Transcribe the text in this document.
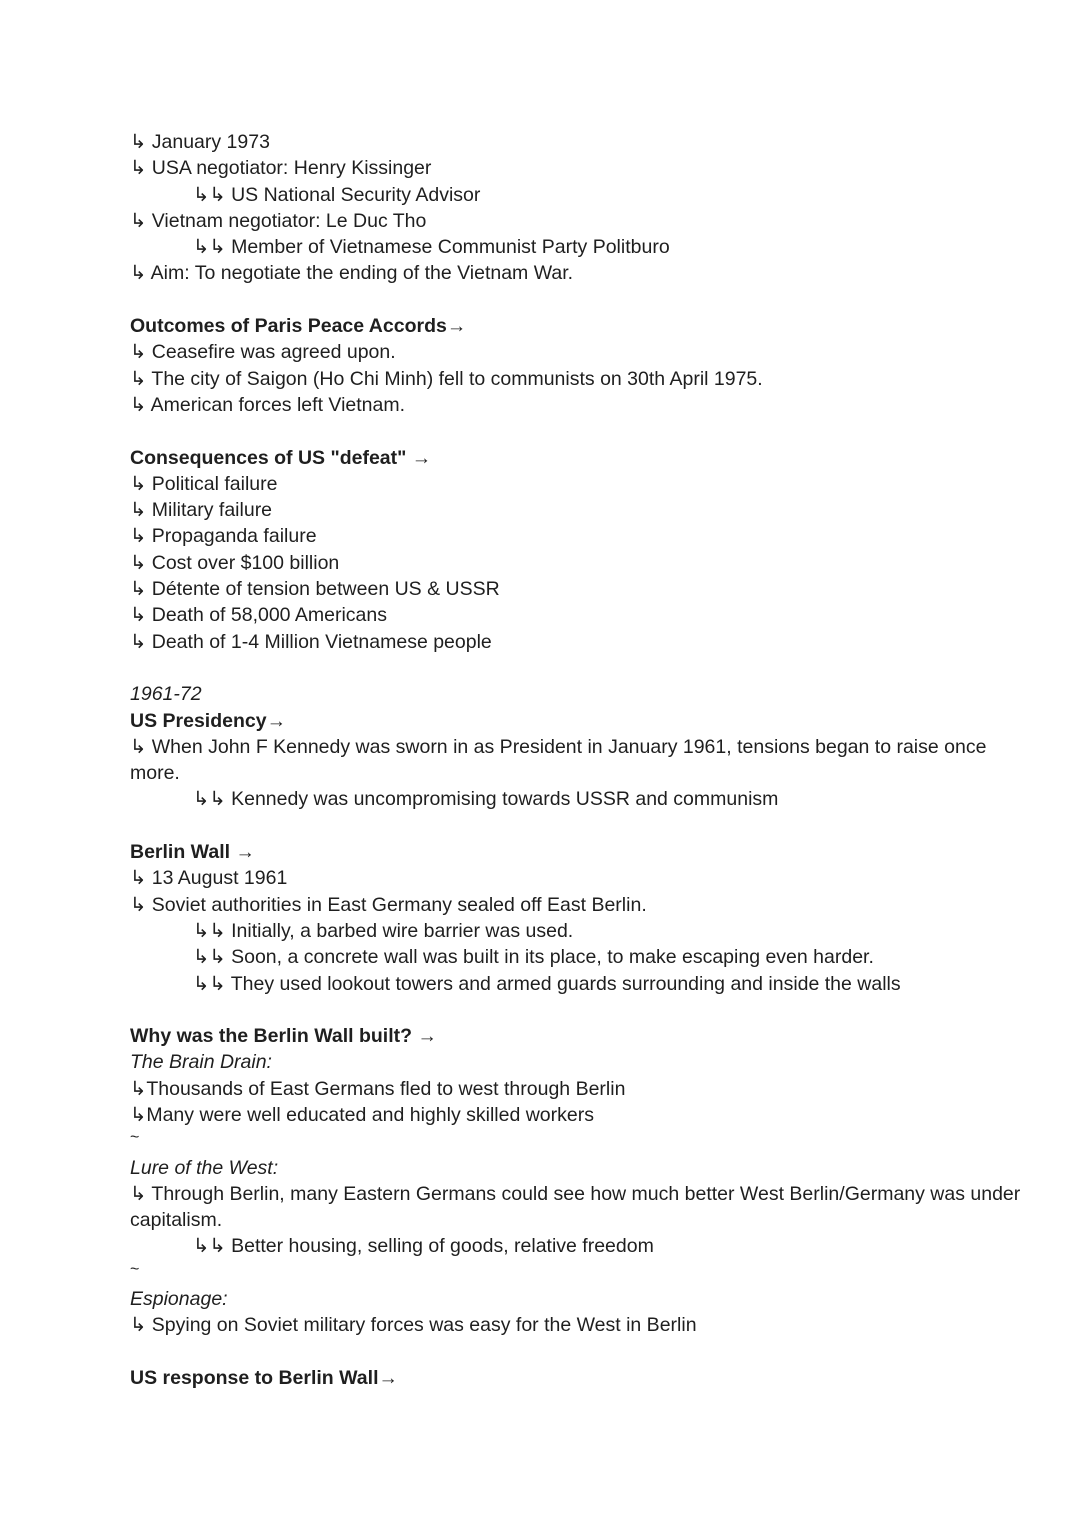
↳ January 1973
↳ USA negotiator: Henry Kissinger
↳↳ US National Security Advisor
↳ Vietnam negotiator: Le Duc Tho
↳↳ Member of Vietnamese Communist Party Politburo
↳ Aim: To negotiate the ending of the Vietnam War.
Outcomes of Paris Peace Accords→
↳ Ceasefire was agreed upon.
↳ The city of Saigon (Ho Chi Minh) fell to communists on 30th April 1975.
↳ American forces left Vietnam.
Consequences of US "defeat" →
↳ Political failure
↳ Military failure
↳ Propaganda failure
↳ Cost over $100 billion
↳ Détente of tension between US & USSR
↳ Death of 58,000 Americans
↳ Death of 1-4 Million Vietnamese people
1961-72
US Presidency→
↳ When John F Kennedy was sworn in as President in January 1961, tensions began to raise once more.
↳↳ Kennedy was uncompromising towards USSR and communism
Berlin Wall →
↳ 13 August 1961
↳ Soviet authorities in East Germany sealed off East Berlin.
↳↳ Initially, a barbed wire barrier was used.
↳↳ Soon, a concrete wall was built in its place, to make escaping even harder.
↳↳ They used lookout towers and armed guards surrounding and inside the walls
Why was the Berlin Wall built? →
The Brain Drain:
↳Thousands of East Germans fled to west through Berlin
↳Many were well educated and highly skilled workers
~
Lure of the West:
↳ Through Berlin, many Eastern Germans could see how much better West Berlin/Germany was under capitalism.
↳↳ Better housing, selling of goods, relative freedom
~
Espionage:
↳ Spying on Soviet military forces was easy for the West in Berlin
US response to Berlin Wall→
